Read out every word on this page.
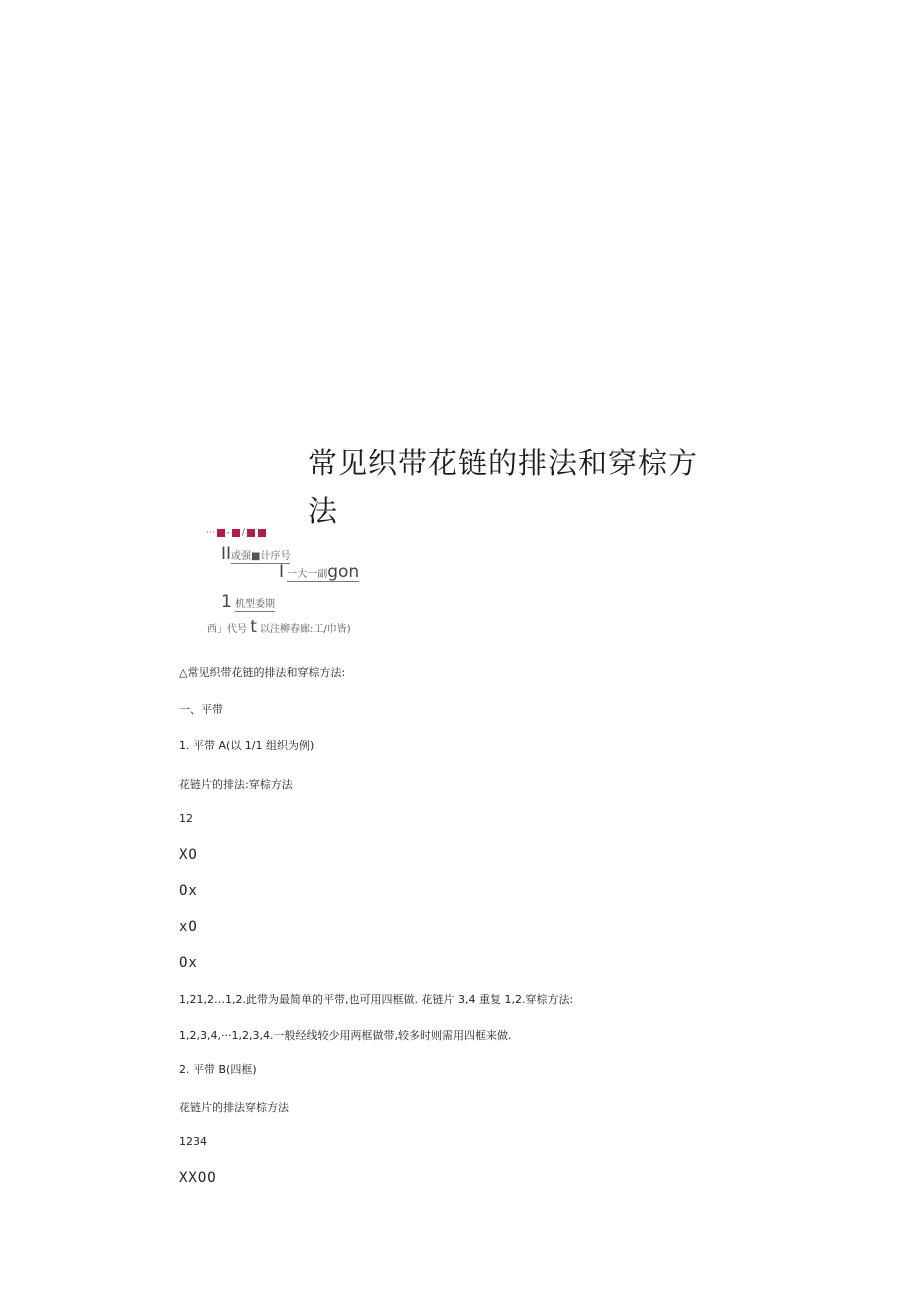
常见织带花链的排法和穿棕方
法
··· - /
II或强■计序号
I 一大一副gon
1 机型委期
西」代号 t 以注柳春廊:工/巾皆)
△常见织带花链的排法和穿棕方法:
一、平带
1. 平带 A(以 1/1 组织为例)
花链片的排法:穿棕方法
12
XO
Ox
xO
Ox
1,21,2…1,2.此带为最简单的平带,也可用四框做. 花链片 3,4 重复 1,2.穿棕方法:
1,2,3,4,···1,2,3,4.一般经线较少用两框做带,较多时则需用四框来做.
2. 平带 B(四框)
花链片的排法穿棕方法
1234
XXOO
